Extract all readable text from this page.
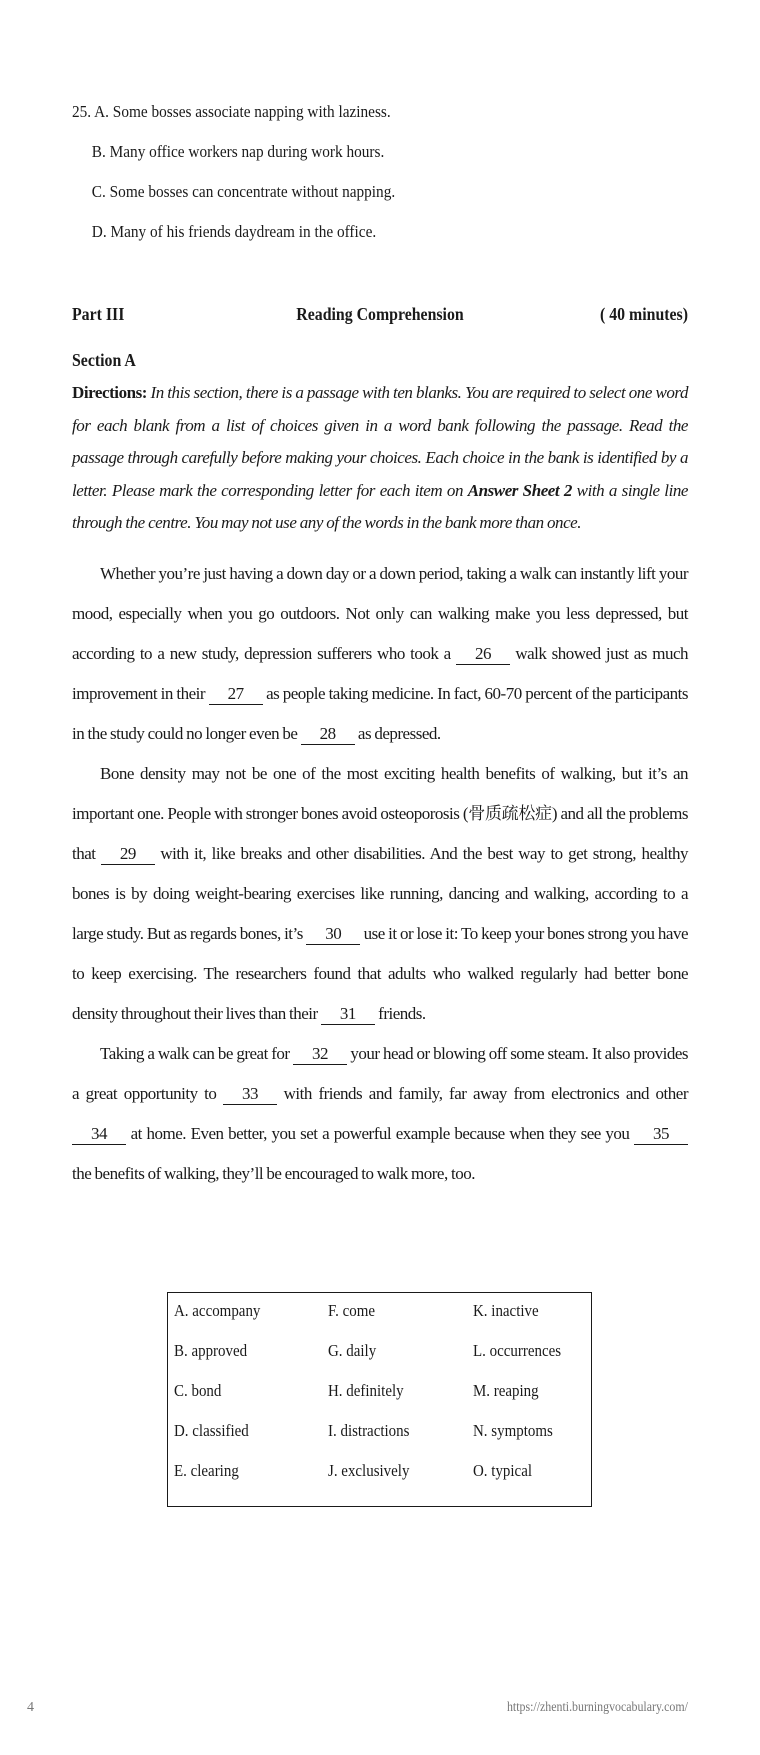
25. A. Some bosses associate napping with laziness.

B. Many office workers nap during work hours.

C. Some bosses can concentrate without napping.

D. Many of his friends daydream in the office.

Part III	Reading Comprehension	( 40 minutes)
Section A
Directions: In this section, there is a passage with ten blanks. You are required to select one word for each blank from a list of choices given in a word bank following the passage. Read the passage through carefully before making your choices. Each choice in the bank is identified by a letter. Please mark the corresponding letter for each item on Answer Sheet 2 with a single line through the centre. You may not use any of the words in the bank more than once.

Whether you’re just having a down day or a down period, taking a walk can instantly lift your mood, especially when you go outdoors. Not only can walking make you less depressed, but according to a new study, depression sufferers who took a 26 walk showed just as much improvement in their 27 as people taking medicine. In fact, 60-70 percent of the participants in the study could no longer even be 28 as depressed.

Bone density may not be one of the most exciting health benefits of walking, but it’s an important one. People with stronger bones avoid osteoporosis (骨质疏松症) and all the problems that 29 with it, like breaks and other disabilities. And the best way to get strong, healthy bones is by doing weight-bearing exercises like running, dancing and walking, according to a large study. But as regards bones, it’s 30 use it or lose it: To keep your bones strong you have to keep exercising. The researchers found that adults who walked regularly had better bone density throughout their lives than their 31 friends.

Taking a walk can be great for 32 your head or blowing off some steam. It also provides a great opportunity to 33 with friends and family, far away from electronics and other 34 at home. Even better, you set a powerful example because when they see you 35 the benefits of walking, they’ll be encouraged to walk more, too.

A. accompany	F. come	K. inactive
B. approved	G. daily	L. occurrences
C. bond	H. definitely	M. reaping
D. classified	I. distractions	N. symptoms
E. clearing	J. exclusively	O. typical
4	https://zhenti.burningvocabulary.com/
